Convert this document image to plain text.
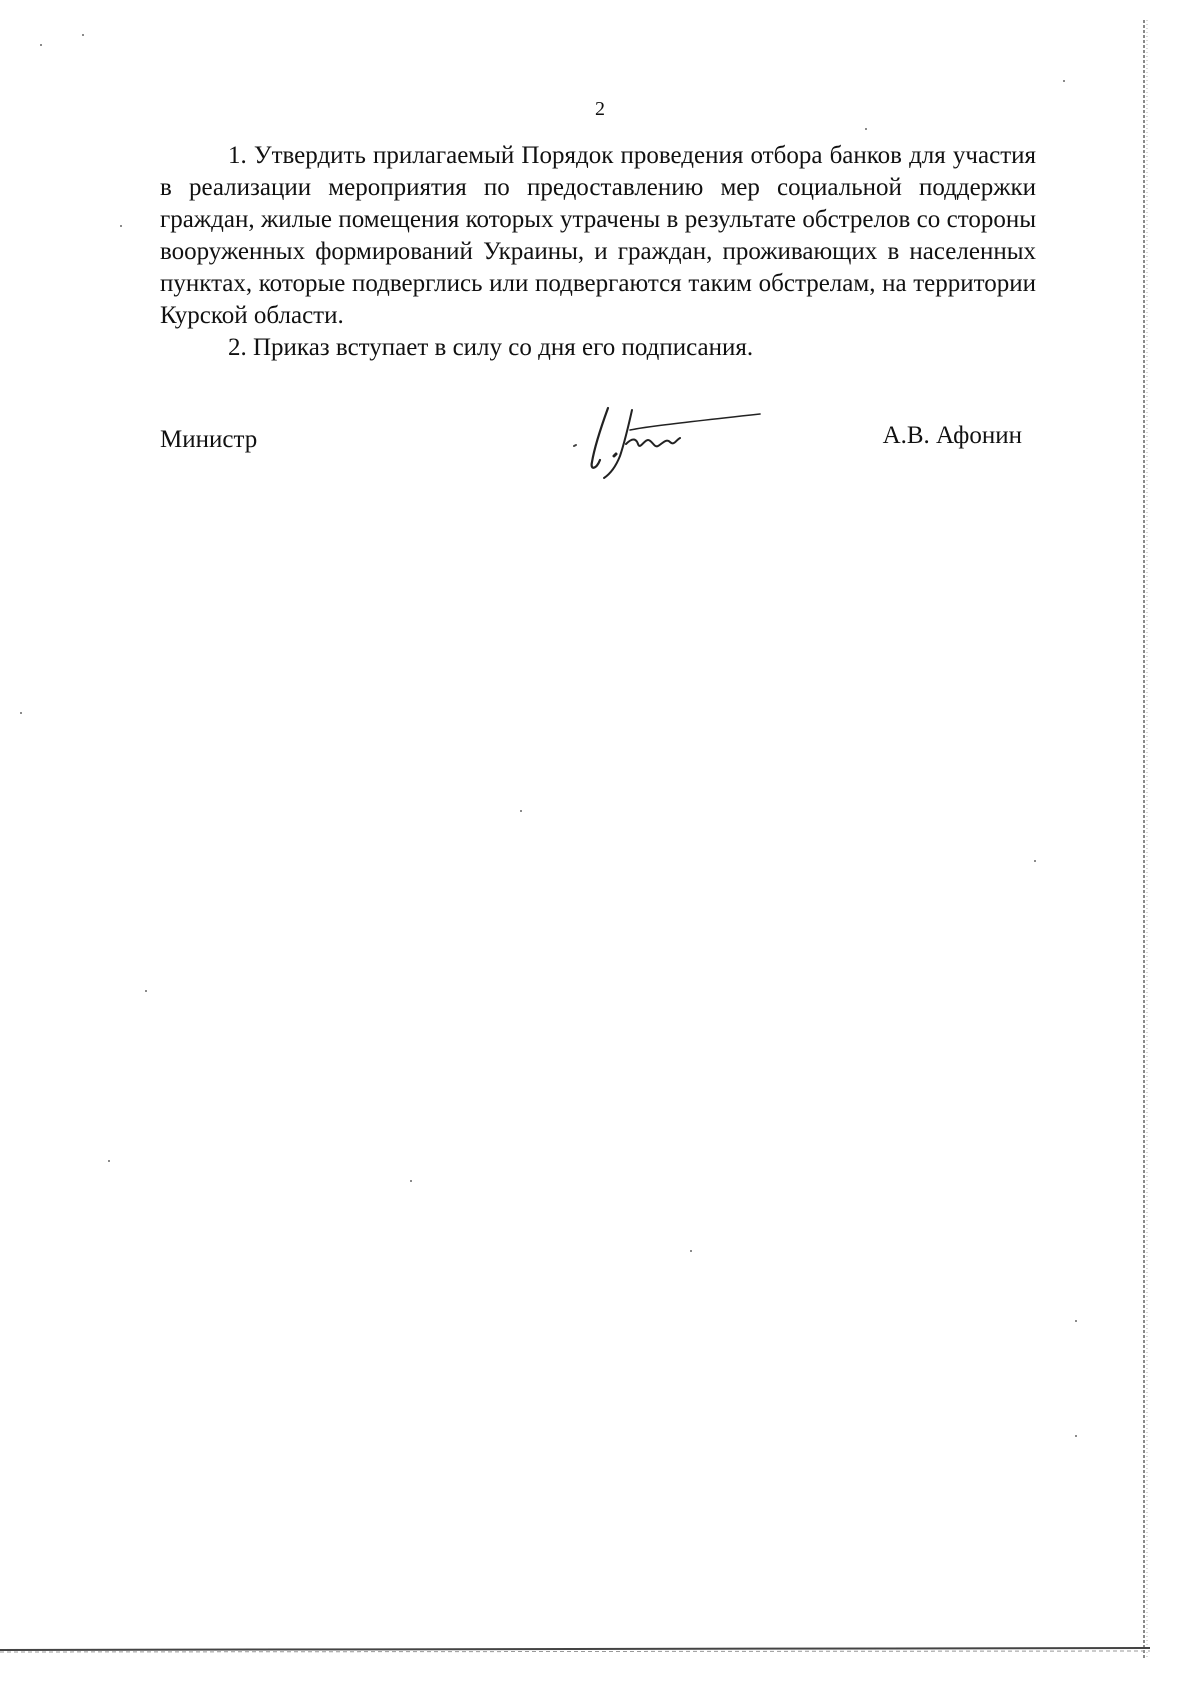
2

1. Утвердить прилагаемый Порядок проведения отбора банков для участия в реализации мероприятия по предоставлению мер социальной поддержки граждан, жилые помещения которых утрачены в результате обстрелов со стороны вооруженных формирований Украины, и граждан, проживающих в населенных пунктах, которые подверглись или подвергаются таким обстрелам, на территории Курской области.

2. Приказ вступает в силу со дня его подписания.

Министр	А.В. Афонин
